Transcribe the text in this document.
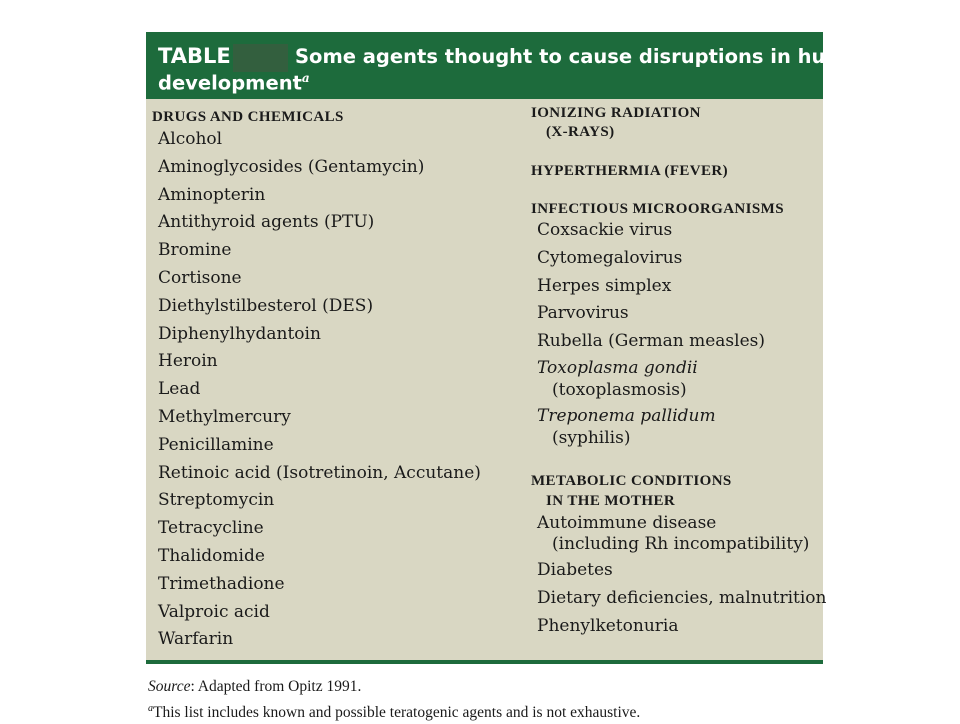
TABLE	Some agents thought to cause disruptions in human fetal
development$^a$
DRUGS AND CHEMICALS
Alcohol
Aminoglycosides (Gentamycin)
Aminopterin
Antithyroid agents (PTU)
Bromine
Cortisone
Diethylstilbesterol (DES)
Diphenylhydantoin
Heroin
Lead
Methylmercury
Penicillamine
Retinoic acid (Isotretinoin, Accutane)
Streptomycin
Tetracycline
Thalidomide
Trimethadione
Valproic acid
Warfarin
IONIZING RADIATION
(X-RAYS)
HYPERTHERMIA (FEVER)
INFECTIOUS MICROORGANISMS
Coxsackie virus
Cytomegalovirus
Herpes simplex
Parvovirus
Rubella (German measles)
Toxoplasma gondii
(toxoplasmosis)
Treponema pallidum
(syphilis)
METABOLIC CONDITIONS
IN THE MOTHER
Autoimmune disease
(including Rh incompatibility)
Diabetes
Dietary deficiencies, malnutrition
Phenylketonuria
Source: Adapted from Opitz 1991.
$^a$This list includes known and possible teratogenic agents and is not exhaustive.
